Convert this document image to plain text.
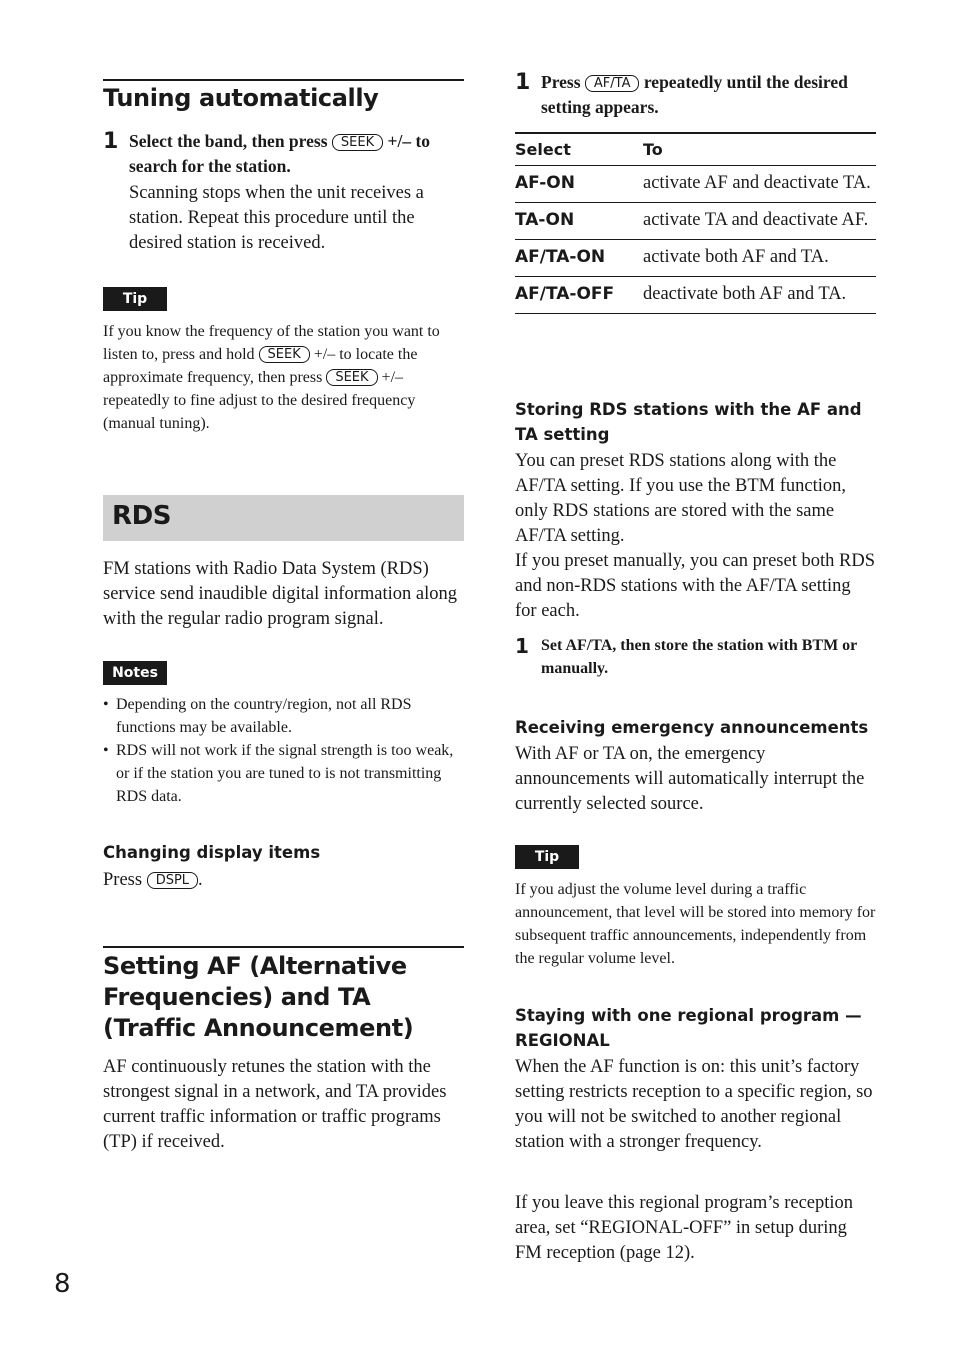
Tuning automatically
1 Select the band, then press SEEK +/– to search for the station.
Scanning stops when the unit receives a station. Repeat this procedure until the desired station is received.
Tip
If you know the frequency of the station you want to listen to, press and hold SEEK +/– to locate the approximate frequency, then press SEEK +/– repeatedly to fine adjust to the desired frequency (manual tuning).
RDS
FM stations with Radio Data System (RDS) service send inaudible digital information along with the regular radio program signal.
Notes
• Depending on the country/region, not all RDS functions may be available.
• RDS will not work if the signal strength is too weak, or if the station you are tuned to is not transmitting RDS data.
Changing display items
Press DSPL .
Setting AF (Alternative Frequencies) and TA (Traffic Announcement)
AF continuously retunes the station with the strongest signal in a network, and TA provides current traffic information or traffic programs (TP) if received.
1 Press AF/TA repeatedly until the desired setting appears.
Select	To
AF-ON	activate AF and deactivate TA.
TA-ON	activate TA and deactivate AF.
AF/TA-ON	activate both AF and TA.
AF/TA-OFF	deactivate both AF and TA.
Storing RDS stations with the AF and TA setting
You can preset RDS stations along with the AF/TA setting. If you use the BTM function, only RDS stations are stored with the same AF/TA setting.
If you preset manually, you can preset both RDS and non-RDS stations with the AF/TA setting for each.
1 Set AF/TA, then store the station with BTM or manually.
Receiving emergency announcements
With AF or TA on, the emergency announcements will automatically interrupt the currently selected source.
Tip
If you adjust the volume level during a traffic announcement, that level will be stored into memory for subsequent traffic announcements, independently from the regular volume level.
Staying with one regional program — REGIONAL
When the AF function is on: this unit’s factory setting restricts reception to a specific region, so you will not be switched to another regional station with a stronger frequency.
If you leave this regional program’s reception area, set “REGIONAL-OFF” in setup during FM reception (page 12).
8
